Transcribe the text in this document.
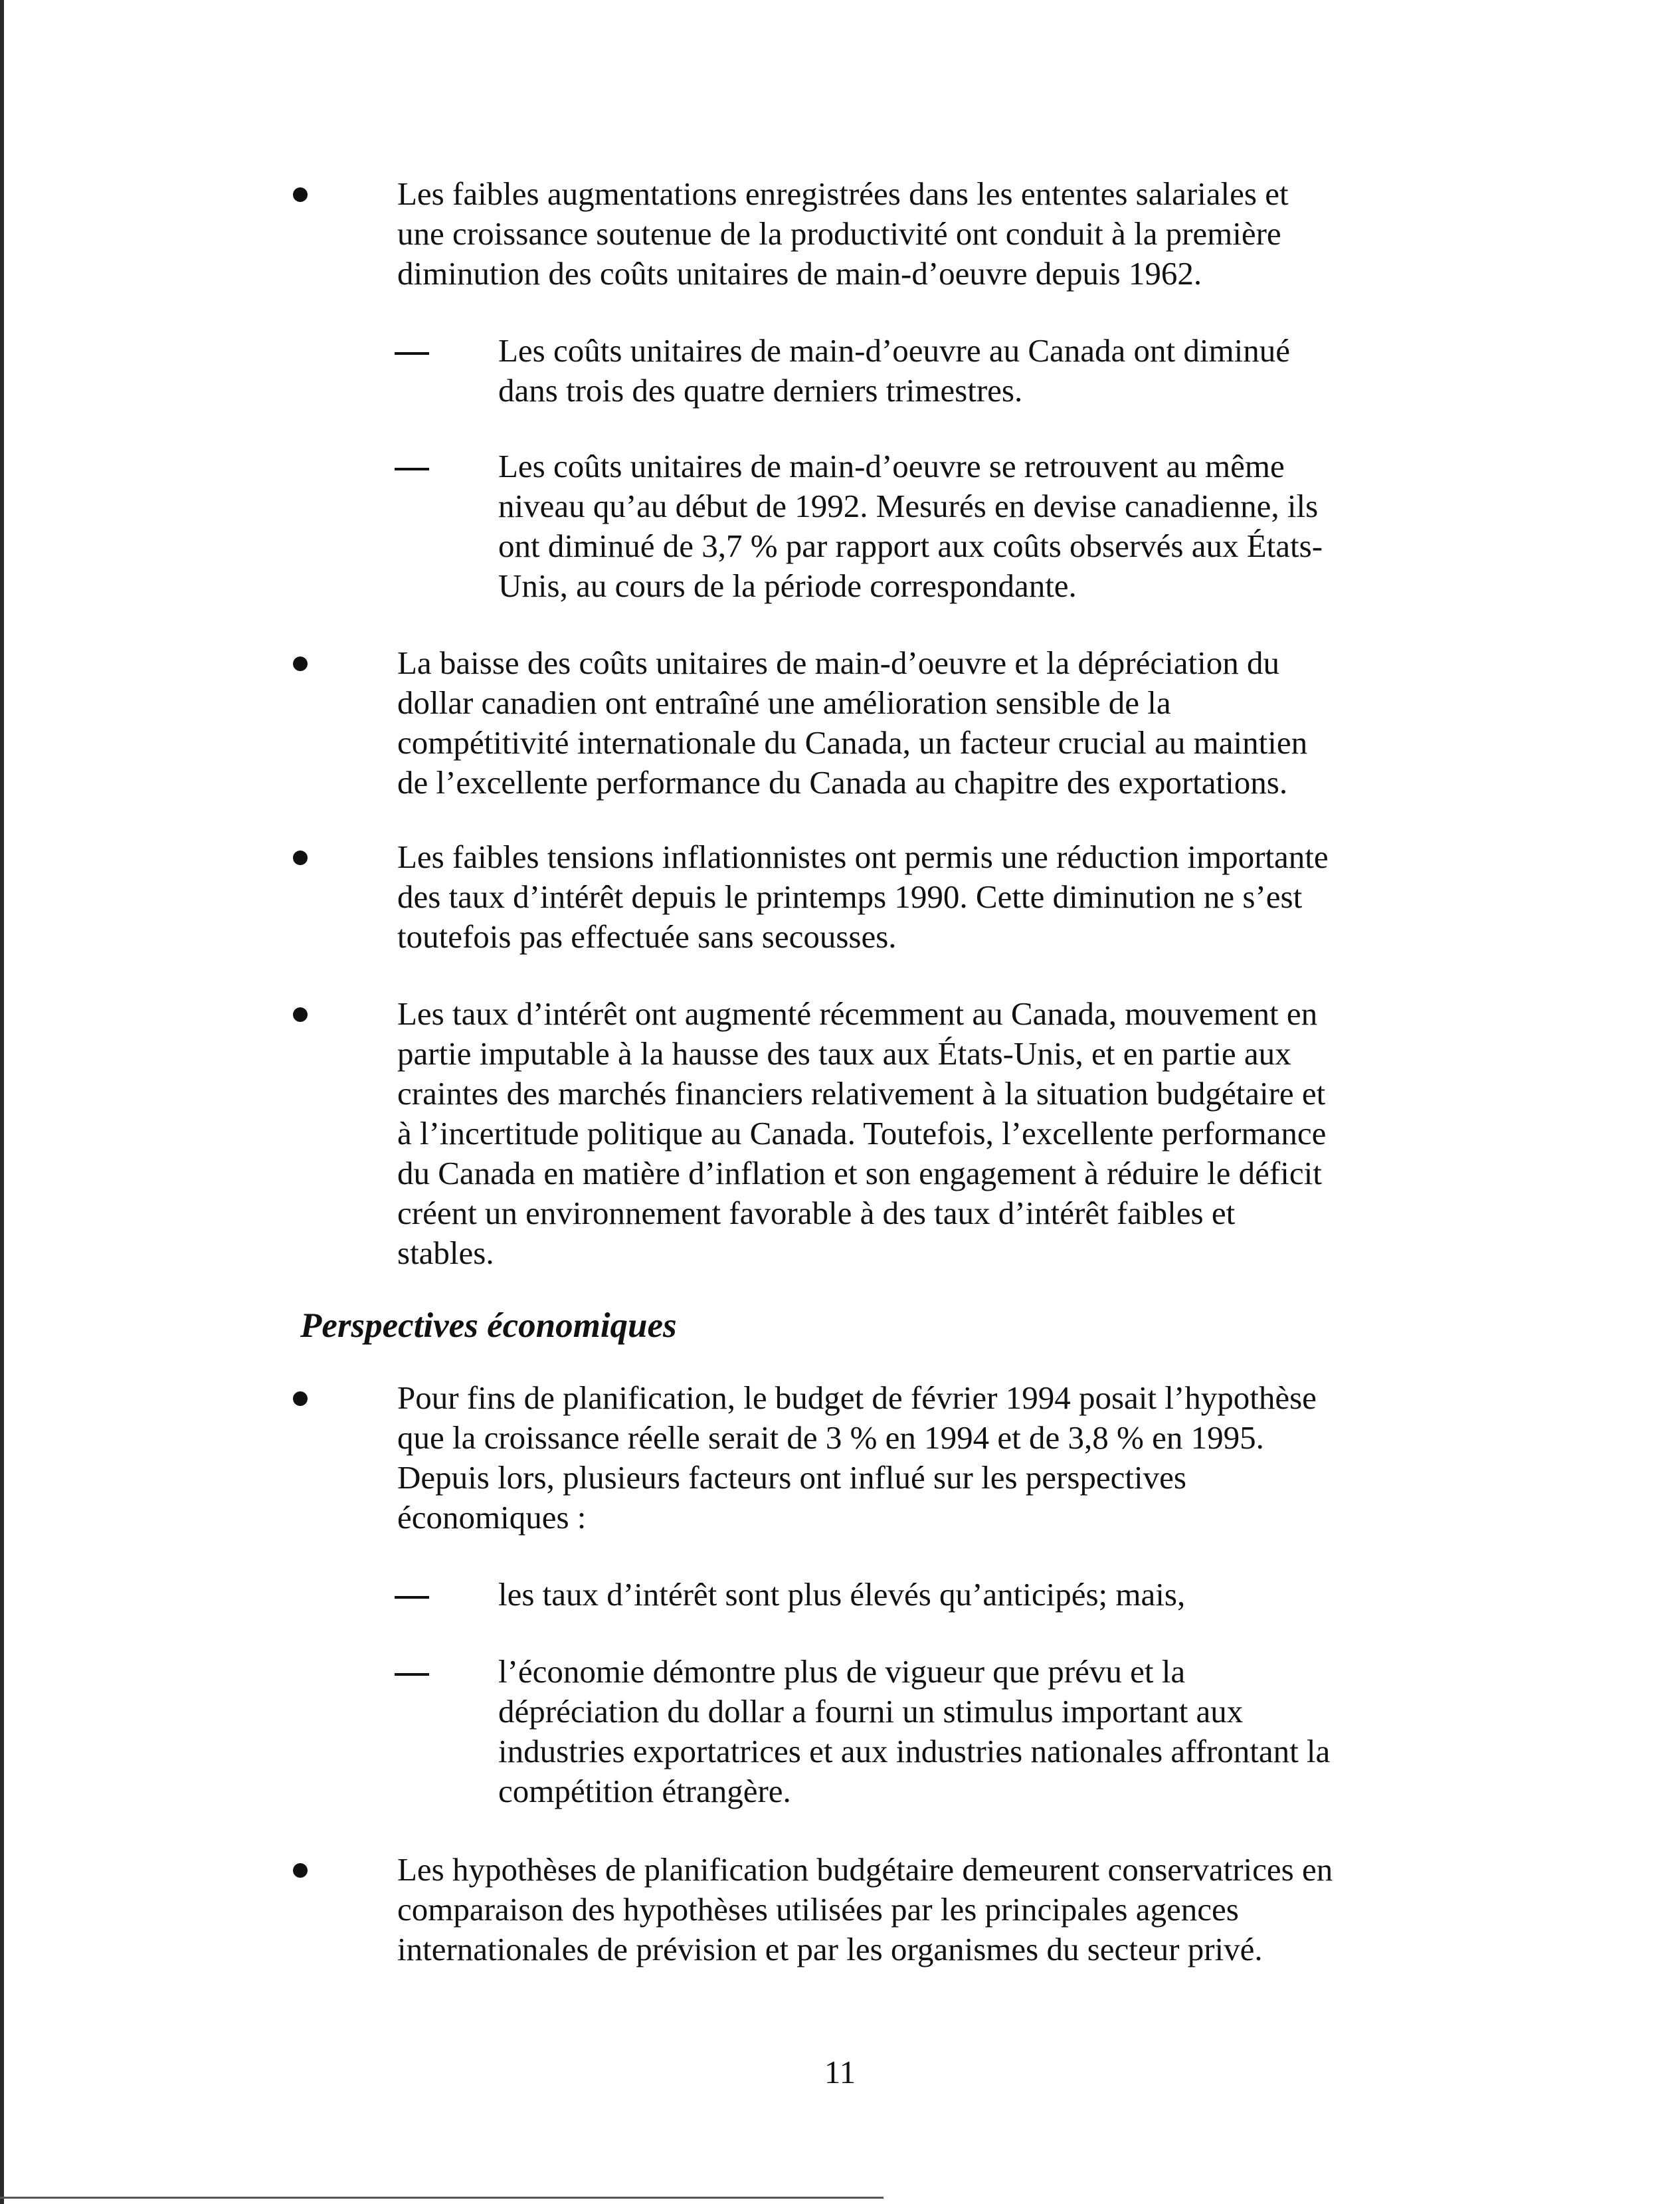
Les faibles augmentations enregistrées dans les ententes salariales et
une croissance soutenue de la productivité ont conduit à la première
diminution des coûts unitaires de main-d’oeuvre depuis 1962.

Les coûts unitaires de main-d’oeuvre au Canada ont diminué
dans trois des quatre derniers trimestres.

Les coûts unitaires de main-d’oeuvre se retrouvent au même
niveau qu’au début de 1992. Mesurés en devise canadienne, ils
ont diminué de 3,7 % par rapport aux coûts observés aux États-
Unis, au cours de la période correspondante.

La baisse des coûts unitaires de main-d’oeuvre et la dépréciation du
dollar canadien ont entraîné une amélioration sensible de la
compétitivité internationale du Canada, un facteur crucial au maintien
de l’excellente performance du Canada au chapitre des exportations.

Les faibles tensions inflationnistes ont permis une réduction importante
des taux d’intérêt depuis le printemps 1990. Cette diminution ne s’est
toutefois pas effectuée sans secousses.

Les taux d’intérêt ont augmenté récemment au Canada, mouvement en
partie imputable à la hausse des taux aux États-Unis, et en partie aux
craintes des marchés financiers relativement à la situation budgétaire et
à l’incertitude politique au Canada. Toutefois, l’excellente performance
du Canada en matière d’inflation et son engagement à réduire le déficit
créent un environnement favorable à des taux d’intérêt faibles et
stables.

Perspectives économiques

Pour fins de planification, le budget de février 1994 posait l’hypothèse
que la croissance réelle serait de 3 % en 1994 et de 3,8 % en 1995.
Depuis lors, plusieurs facteurs ont influé sur les perspectives
économiques :

les taux d’intérêt sont plus élevés qu’anticipés; mais,

l’économie démontre plus de vigueur que prévu et la
dépréciation du dollar a fourni un stimulus important aux
industries exportatrices et aux industries nationales affrontant la
compétition étrangère.

Les hypothèses de planification budgétaire demeurent conservatrices en
comparaison des hypothèses utilisées par les principales agences
internationales de prévision et par les organismes du secteur privé.

11
